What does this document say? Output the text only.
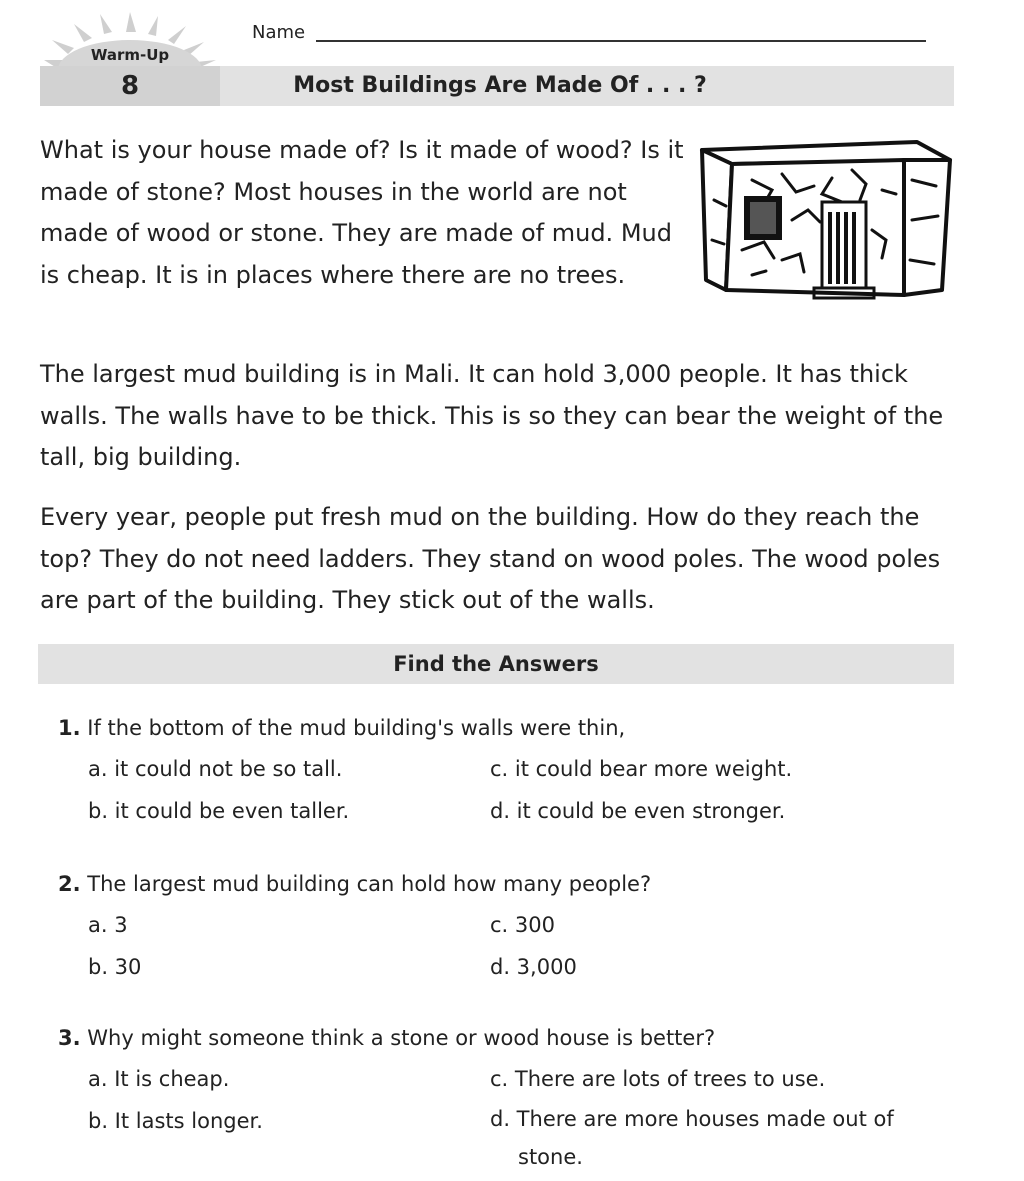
Warm-Up
Name
8	Most Buildings Are Made Of . . . ?

What is your house made of? Is it made of wood? Is it made of stone? Most houses in the world are not made of wood or stone. They are made of mud. Mud is cheap. It is in places where there are no trees.

The largest mud building is in Mali. It can hold 3,000 people. It has thick walls. The walls have to be thick. This is so they can bear the weight of the tall, big building.

Every year, people put fresh mud on the building. How do they reach the top? They do not need ladders. They stand on wood poles. The wood poles are part of the building. They stick out of the walls.

Find the Answers

1. If the bottom of the mud building's walls were thin,

a. it could not be so tall.
b. it could be even taller.
c. it could bear more weight.
d. it could be even stronger.

2. The largest mud building can hold how many people?

a. 3
b. 30
c. 300
d. 3,000

3. Why might someone think a stone or wood house is better?

a. It is cheap.
b. It lasts longer.
c. There are lots of trees to use.
d. There are more houses made out of
stone.
